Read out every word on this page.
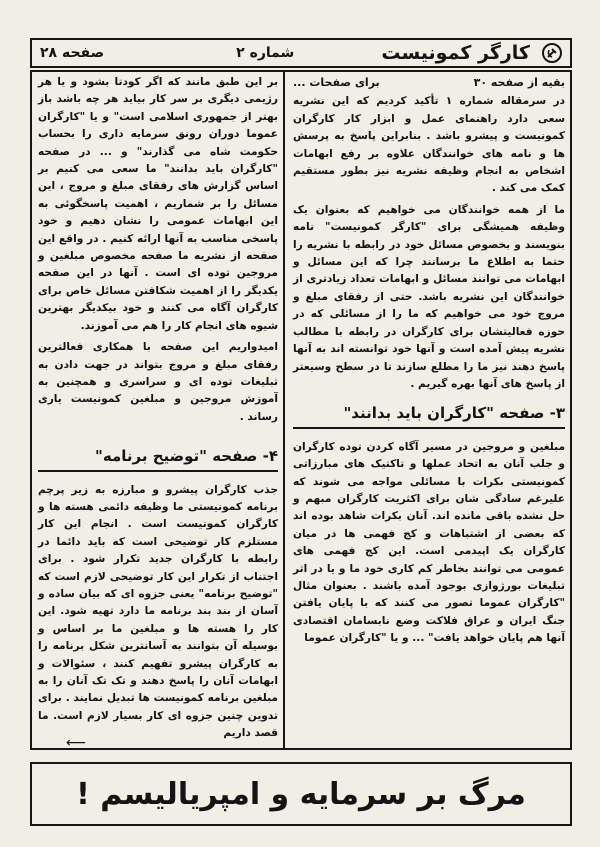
کارگر کمونیست
شماره ۲
صفحه ۲۸
بقیه از صفحه ۳۰
برای صفحات ...

در سرمقاله شماره ۱ تأکید کردیم که این نشریه سعی دارد راهنمای عمل و ابزار کار کارگران کمونیست و پیشرو باشد . بنابراین پاسخ به پرسش ها و نامه های خوانندگان علاوه بر رفع ابهامات اشخاص به انجام وظیفه نشریه نیز بطور مستقیم کمک می کند .

ما از همه خوانندگان می خواهیم که بعنوان یک وظیفه همیشگی برای "کارگر کمونیست" نامه بنویسند و بخصوص مسائل خود در رابطه با نشریه را حتما به اطلاع ما برسانند چرا که این مسائل و ابهامات می توانند مسائل و ابهامات تعداد زیادتری از خوانندگان این نشریه باشد. حتی از رفقای مبلغ و مروج خود می خواهیم که ما را از مسائلی که در حوزه فعالیتشان برای کارگران در رابطه با مطالب نشریه پیش آمده است و آنها خود توانسته اند به آنها پاسخ دهند نیز ما را مطلع سازند تا در سطح وسیعتر از پاسخ های آنها بهره گیریم .

۳- صفحه "کارگران باید بدانند"

مبلغین و مروجین در مسیر آگاه کردن توده کارگران و جلب آنان به اتحاد عملها و تاکتیک های مبارزاتی کمونیستی بکرات با مسائلی مواجه می شوند که علیرغم سادگی شان برای اکثریت کارگران مبهم و حل نشده باقی مانده اند. آنان بکرات شاهد بوده اند که بعضی از اشتباهات و کج فهمی ها در میان کارگران یک اپیدمی است. این کج فهمی های عمومی می توانند بخاطر کم کاری خود ما و یا در اثر تبلیغات بورژوازی بوجود آمده باشند . بعنوان مثال "کارگران عموما تصور می کنند که با پایان یافتن جنگ ایران و عراق فلاکت وضع نابسامان اقتصادی آنها هم پایان خواهد یافت" ... و یا "کارگران عموما

بر این طبق مانند که اگر کودتا بشود و یا هر رژیمی دیگری بر سر کار بیاید هر چه باشد باز بهتر از جمهوری اسلامی است" و یا "کارگران عموما دوران رونق سرمایه داری را بحساب حکومت شاه می گذارند" و ... در صفحه "کارگران باید بدانند" ما سعی می کنیم بر اساس گزارش های رفقای مبلغ و مروج ، این مسائل را بر شماریم ، اهمیت پاسخگوئی به این ابهامات عمومی را نشان دهیم و خود پاسخی مناسب به آنها ارائه کنیم . در واقع این صفحه از نشریه ما صفحه مخصوص مبلغین و مروجین توده ای است . آنها در این صفحه یکدیگر را از اهمیت شکافتن مسائل خاص برای کارگران آگاه می کنند و خود بیکدیگر بهترین شیوه های انجام کار را هم می آموزند.

امیدواریم این صفحه با همکاری فعالترین رفقای مبلغ و مروج بتواند در جهت دادن به تبلیغات توده ای و سراسری و همچنین به آموزش مروجین و مبلغین کمونیست یاری رساند .

۴- صفحه "توضیح برنامه"

جذب کارگران پیشرو و مبارزه به زیر پرچم برنامه کمونیستی ما وظیفه دائمی هسته ها و کارگران کمونیست است . انجام این کار مستلزم کار توضیحی است که باید دائما در رابطه با کارگران جدید تکرار شود . برای اجتناب از تکرار این کار توضیحی لازم است که "توضیح برنامه" یعنی جزوه ای که بیان ساده و آسان از بند بند برنامه ما دارد تهیه شود. این کار را هسته ها و مبلغین ما بر اساس و بوسیله آن بتوانند به آسانترین شکل برنامه را به کارگران پیشرو تفهیم کنند ، سئوالات و ابهامات آنان را پاسخ دهند و تک تک آنان را به مبلغین برنامه کمونیست ها تبدیل نمایند . برای تدوین چنین جزوه ای کار بسیار لازم است. ما قصد داریم

⟵
مرگ بر سرمایه و امپریالیسم !
